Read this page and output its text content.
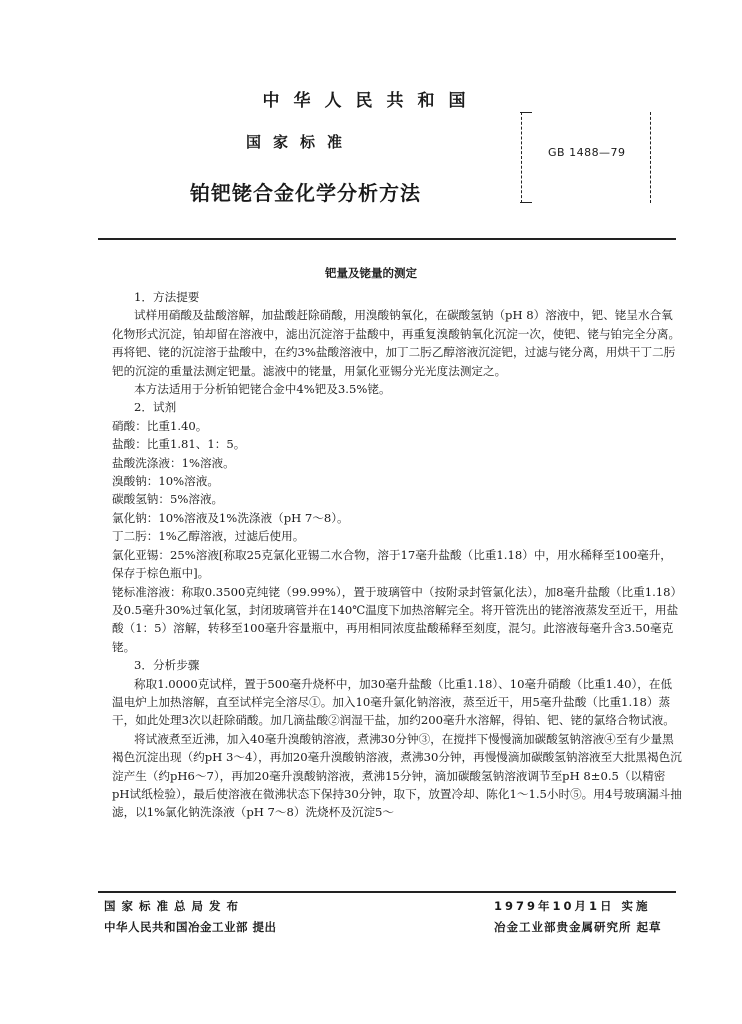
中华人民共和国
国家标准
铂钯铑合金化学分析方法
GB 1488—79
钯量及铑量的测定

1．方法提要

试样用硝酸及盐酸溶解，加盐酸赶除硝酸，用溴酸钠氧化，在碳酸氢钠（pH 8）溶液中，钯、铑呈水合氧化物形式沉淀，铂却留在溶液中，滤出沉淀溶于盐酸中，再重复溴酸钠氧化沉淀一次，使钯、铑与铂完全分离。再将钯、铑的沉淀溶于盐酸中，在约3%盐酸溶液中，加丁二肟乙醇溶液沉淀钯，过滤与铑分离，用烘干丁二肟钯的沉淀的重量法测定钯量。滤液中的铑量，用氯化亚锡分光光度法测定之。

本方法适用于分析铂钯铑合金中4%钯及3.5%铑。

2．试剂

硝酸：比重1.40。

盐酸：比重1.81、1：5。

盐酸洗涤液：1%溶液。

溴酸钠：10%溶液。

碳酸氢钠：5%溶液。

氯化钠：10%溶液及1%洗涤液（pH 7～8）。

丁二肟：1%乙醇溶液，过滤后使用。

氯化亚锡：25%溶液[称取25克氯化亚锡二水合物，溶于17毫升盐酸（比重1.18）中，用水稀释至100毫升，保存于棕色瓶中]。

铑标准溶液：称取0.3500克纯铑（99.99%），置于玻璃管中（按附录封管氯化法），加8毫升盐酸（比重1.18）及0.5毫升30%过氧化氢，封闭玻璃管并在140℃温度下加热溶解完全。将开管洗出的铑溶液蒸发至近干，用盐酸（1：5）溶解，转移至100毫升容量瓶中，再用相同浓度盐酸稀释至刻度，混匀。此溶液每毫升含3.50毫克铑。

3．分析步骤

称取1.0000克试样，置于500毫升烧杯中，加30毫升盐酸（比重1.18）、10毫升硝酸（比重1.40），在低温电炉上加热溶解，直至试样完全溶尽①。加入10毫升氯化钠溶液，蒸至近干，用5毫升盐酸（比重1.18）蒸干，如此处理3次以赶除硝酸。加几滴盐酸②润湿干盐，加约200毫升水溶解，得铂、钯、铑的氯络合物试液。

将试液煮至近沸，加入40毫升溴酸钠溶液，煮沸30分钟③，在搅拌下慢慢滴加碳酸氢钠溶液④至有少量黑褐色沉淀出现（约pH 3～4），再加20毫升溴酸钠溶液，煮沸30分钟，再慢慢滴加碳酸氢钠溶液至大批黑褐色沉淀产生（约pH6～7），再加20毫升溴酸钠溶液，煮沸15分钟，滴加碳酸氢钠溶液调节至pH 8±0.5（以精密pH试纸检验），最后使溶液在微沸状态下保持30分钟，取下，放置冷却、陈化1～1.5小时⑤。用4号玻璃漏斗抽滤，以1%氯化钠洗涤液（pH 7～8）洗烧杯及沉淀5～

国家标准总局发布
中华人民共和国冶金工业部 提出
1979年10月1日 实施
冶金工业部贵金属研究所 起草
